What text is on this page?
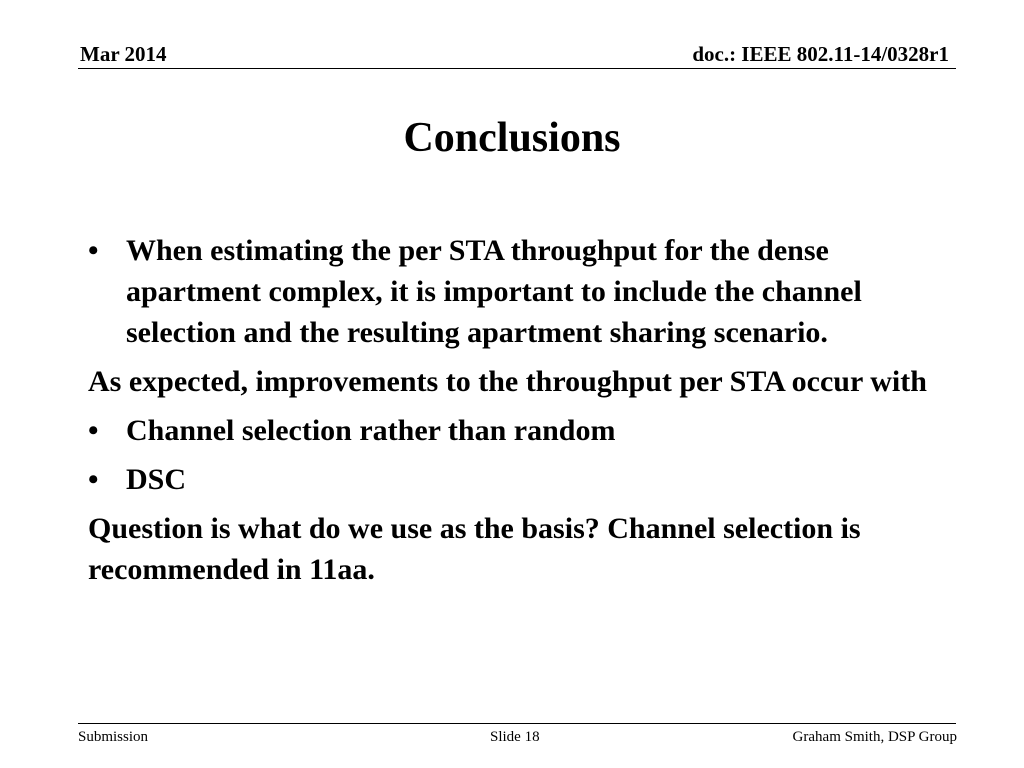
Mar 2014	doc.: IEEE 802.11-14/0328r1
Conclusions
• When estimating the per STA throughput for the dense apartment complex, it is important to include the channel selection and the resulting apartment sharing scenario.
As expected, improvements to the throughput per STA occur with
• Channel selection rather than random
• DSC
Question is what do we use as the basis? Channel selection is recommended in 11aa.
Submission	Slide 18	Graham Smith, DSP Group
